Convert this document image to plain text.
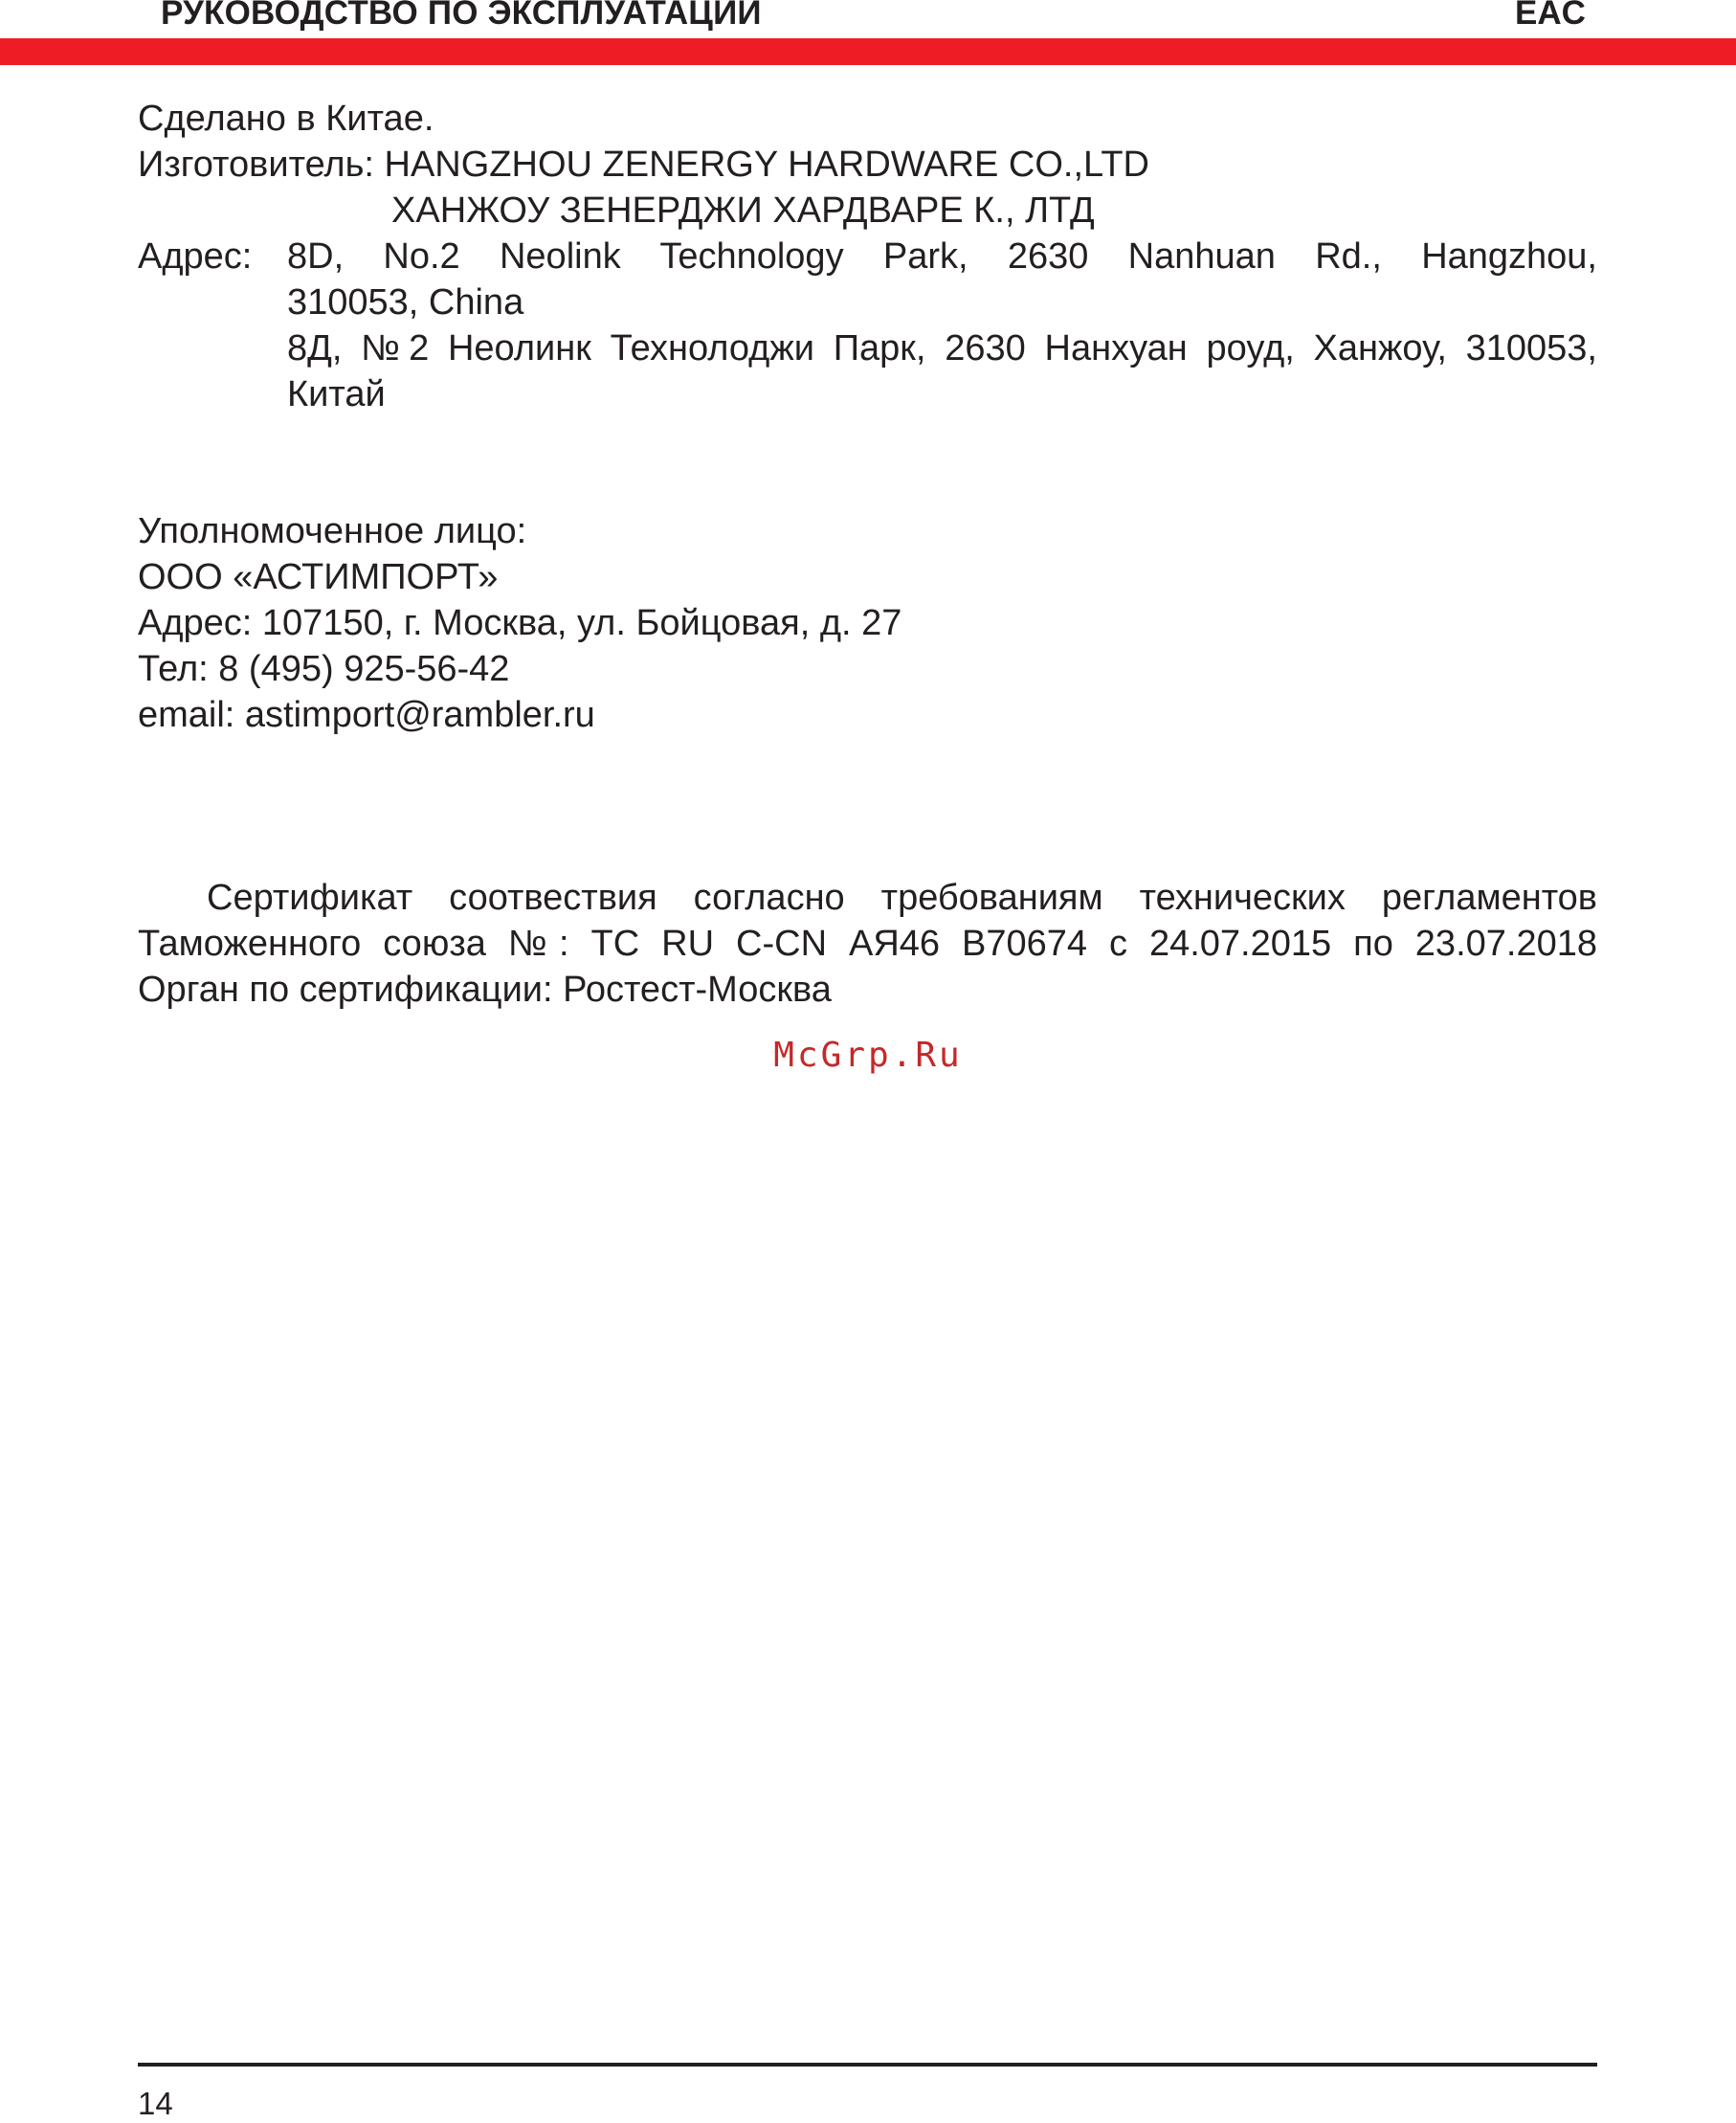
РУКОВОДСТВО ПО ЭКСПЛУАТАЦИИ	EAC
Сделано в Китае.
Изготовитель: HANGZHOU ZENERGY HARDWARE CO.,LTD
ХАНЖОУ ЗЕНЕРДЖИ ХАРДВАРЕ К., ЛТД
Адрес: 8D, No.2 Neolink Technology Park, 2630 Nanhuan Rd., Hangzhou,
310053, China
8Д, №2 Неолинк Технолоджи Парк, 2630 Нанхуан роуд, Ханжоу, 310053,
Китай
Уполномоченное лицо:
ООО «АСТИМПОРТ»
Адрес: 107150, г. Москва, ул. Бойцовая, д. 27
Тел: 8 (495) 925-56-42
email: astimport@rambler.ru
Сертификат соотвествия согласно требованиям технических регламентов
Таможенного союза №: TC RU C-CN АЯ46 B70674 с 24.07.2015 по 23.07.2018
Орган по сертификации: Ростест-Москва
McGrp.Ru
14
